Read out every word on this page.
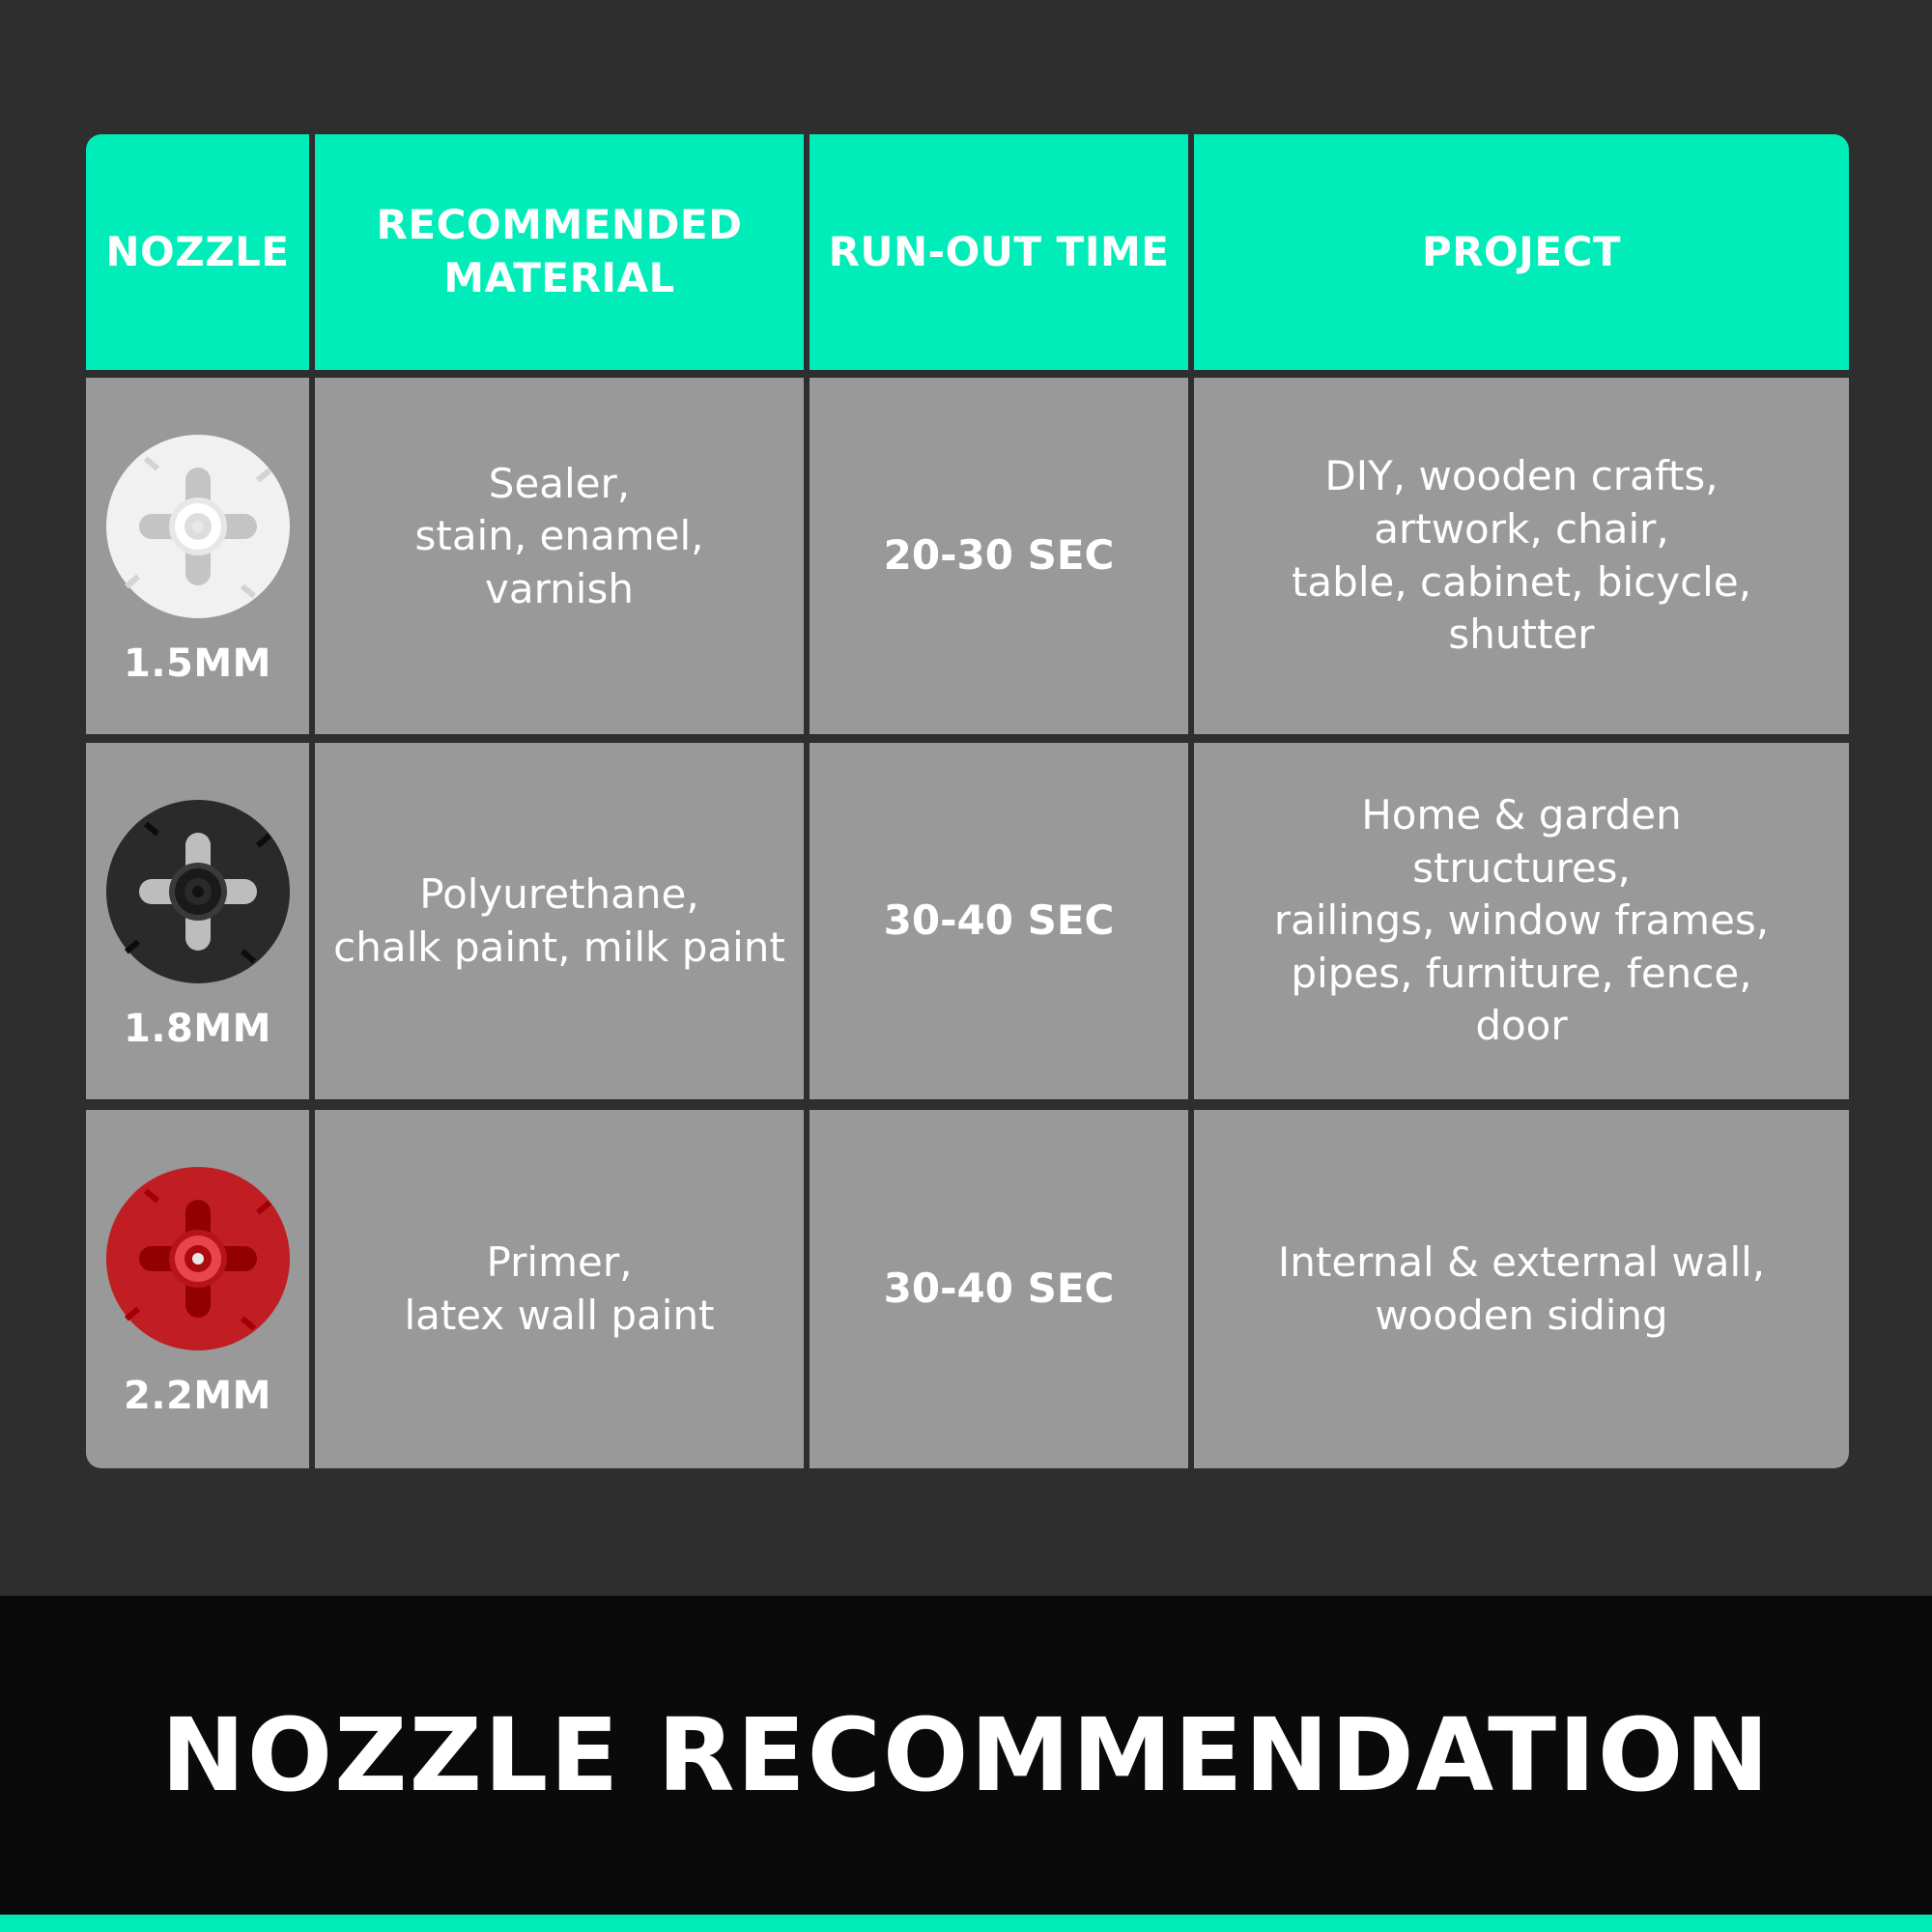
NOZZLE
RECOMMENDED
MATERIAL
RUN-OUT TIME	PROJECT
1.5MM
Sealer,
stain, enamel,
varnish
20-30 SEC
DIY, wooden crafts,
artwork, chair,
table, cabinet, bicycle,
shutter
1.8MM
Polyurethane,
chalk paint, milk paint
30-40 SEC
Home & garden
structures,
railings, window frames,
pipes, furniture, fence,
door
2.2MM
Primer,
latex wall paint
30-40 SEC
Internal & external wall,
wooden siding
NOZZLE RECOMMENDATION
